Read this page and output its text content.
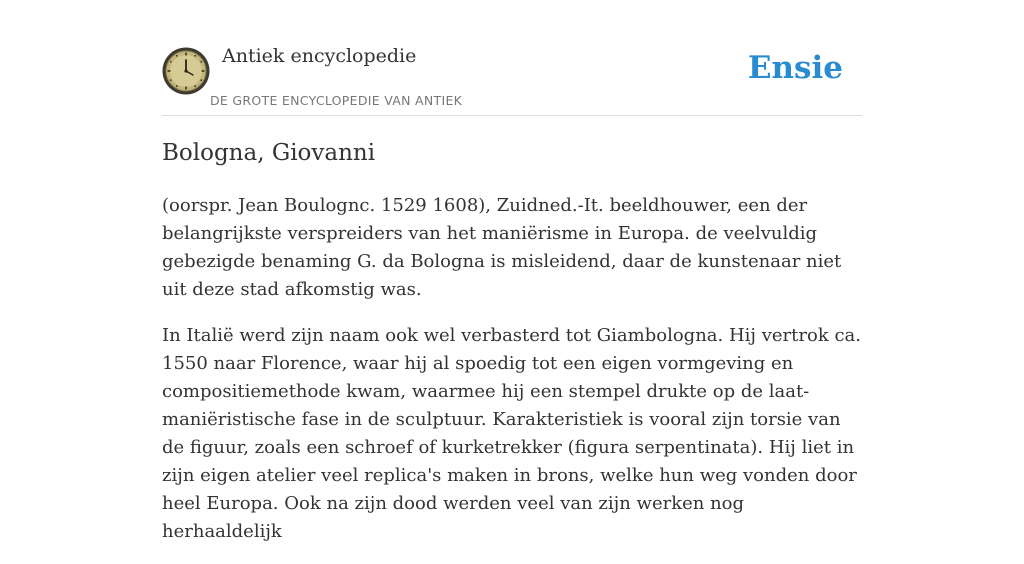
Antiek encyclopedie
DE GROTE ENCYCLOPEDIE VAN ANTIEK
Ensie
Bologna, Giovanni

(oorspr. Jean Boulognc. 1529 1608), Zuidned.-It. beeldhouwer, een der belangrijkste verspreiders van het maniërisme in Europa. de veelvuldig gebezigde benaming G. da Bologna is misleidend, daar de kunstenaar niet uit deze stad afkomstig was.

In Italië werd zijn naam ook wel verbasterd tot Giambologna. Hij vertrok ca. 1550 naar Florence, waar hij al spoedig tot een eigen vormgeving en compositiemethode kwam, waarmee hij een stempel drukte op de laat-maniëristische fase in de sculptuur. Karakteristiek is vooral zijn torsie van de figuur, zoals een schroef of kurketrekker (figura serpentinata). Hij liet in zijn eigen atelier veel replica's maken in brons, welke hun weg vonden door heel Europa. Ook na zijn dood werden veel van zijn werken nog herhaaldelijk
